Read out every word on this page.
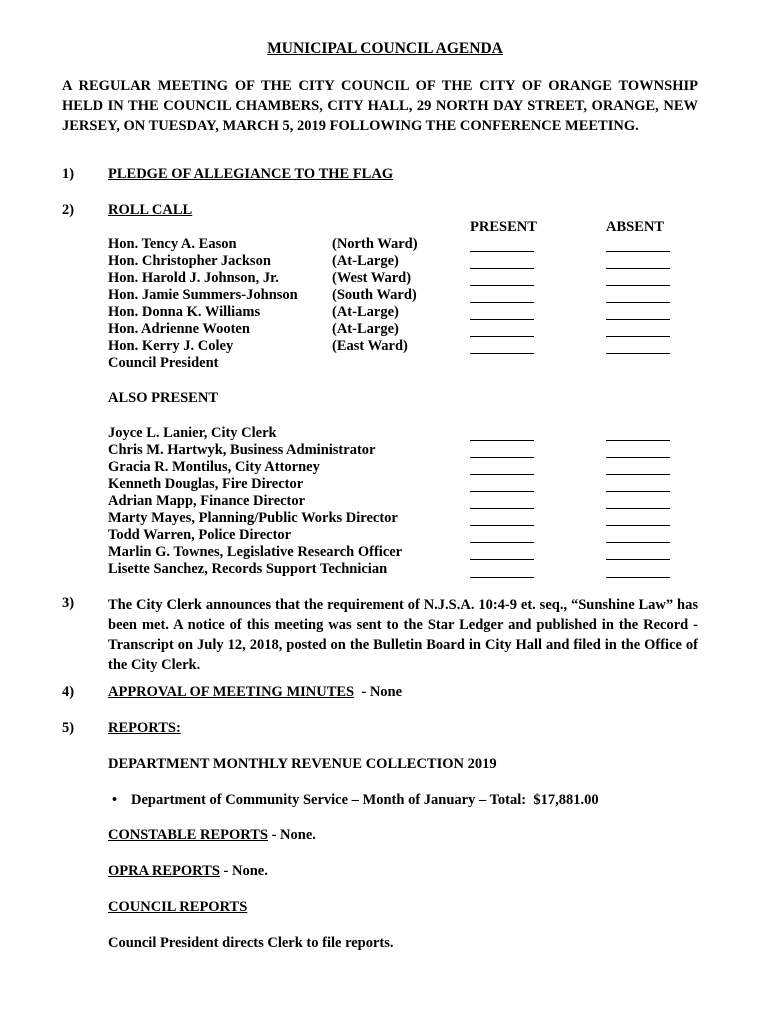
MUNICIPAL COUNCIL AGENDA
A REGULAR MEETING OF THE CITY COUNCIL OF THE CITY OF ORANGE TOWNSHIP HELD IN THE COUNCIL CHAMBERS, CITY HALL, 29 NORTH DAY STREET, ORANGE, NEW JERSEY, ON TUESDAY, MARCH 5, 2019 FOLLOWING THE CONFERENCE MEETING.
1) PLEDGE OF ALLEGIANCE TO THE FLAG
2) ROLL CALL
PRESENT	ABSENT
Hon. Tency A. Eason	(North Ward)
Hon. Christopher Jackson	(At-Large)
Hon. Harold J. Johnson, Jr.	(West Ward)
Hon. Jamie Summers-Johnson (South Ward)
Hon. Donna K. Williams	(At-Large)
Hon. Adrienne Wooten	(At-Large)
Hon. Kerry J. Coley	(East Ward)
Council President
ALSO PRESENT
Joyce L. Lanier, City Clerk
Chris M. Hartwyk, Business Administrator
Gracia R. Montilus, City Attorney
Kenneth Douglas, Fire Director
Adrian Mapp, Finance Director
Marty Mayes, Planning/Public Works Director
Todd Warren, Police Director
Marlin G. Townes, Legislative Research Officer
Lisette Sanchez, Records Support Technician
3) The City Clerk announces that the requirement of N.J.S.A. 10:4-9 et. seq., “Sunshine Law” has been met. A notice of this meeting was sent to the Star Ledger and published in the Record - Transcript on July 12, 2018, posted on the Bulletin Board in City Hall and filed in the Office of the City Clerk.
4) APPROVAL OF MEETING MINUTES  - None
5) REPORTS:
DEPARTMENT MONTHLY REVENUE COLLECTION 2019
• Department of Community Service – Month of January – Total:  $17,881.00
CONSTABLE REPORTS - None.
OPRA REPORTS - None.
COUNCIL REPORTS
Council President directs Clerk to file reports.
